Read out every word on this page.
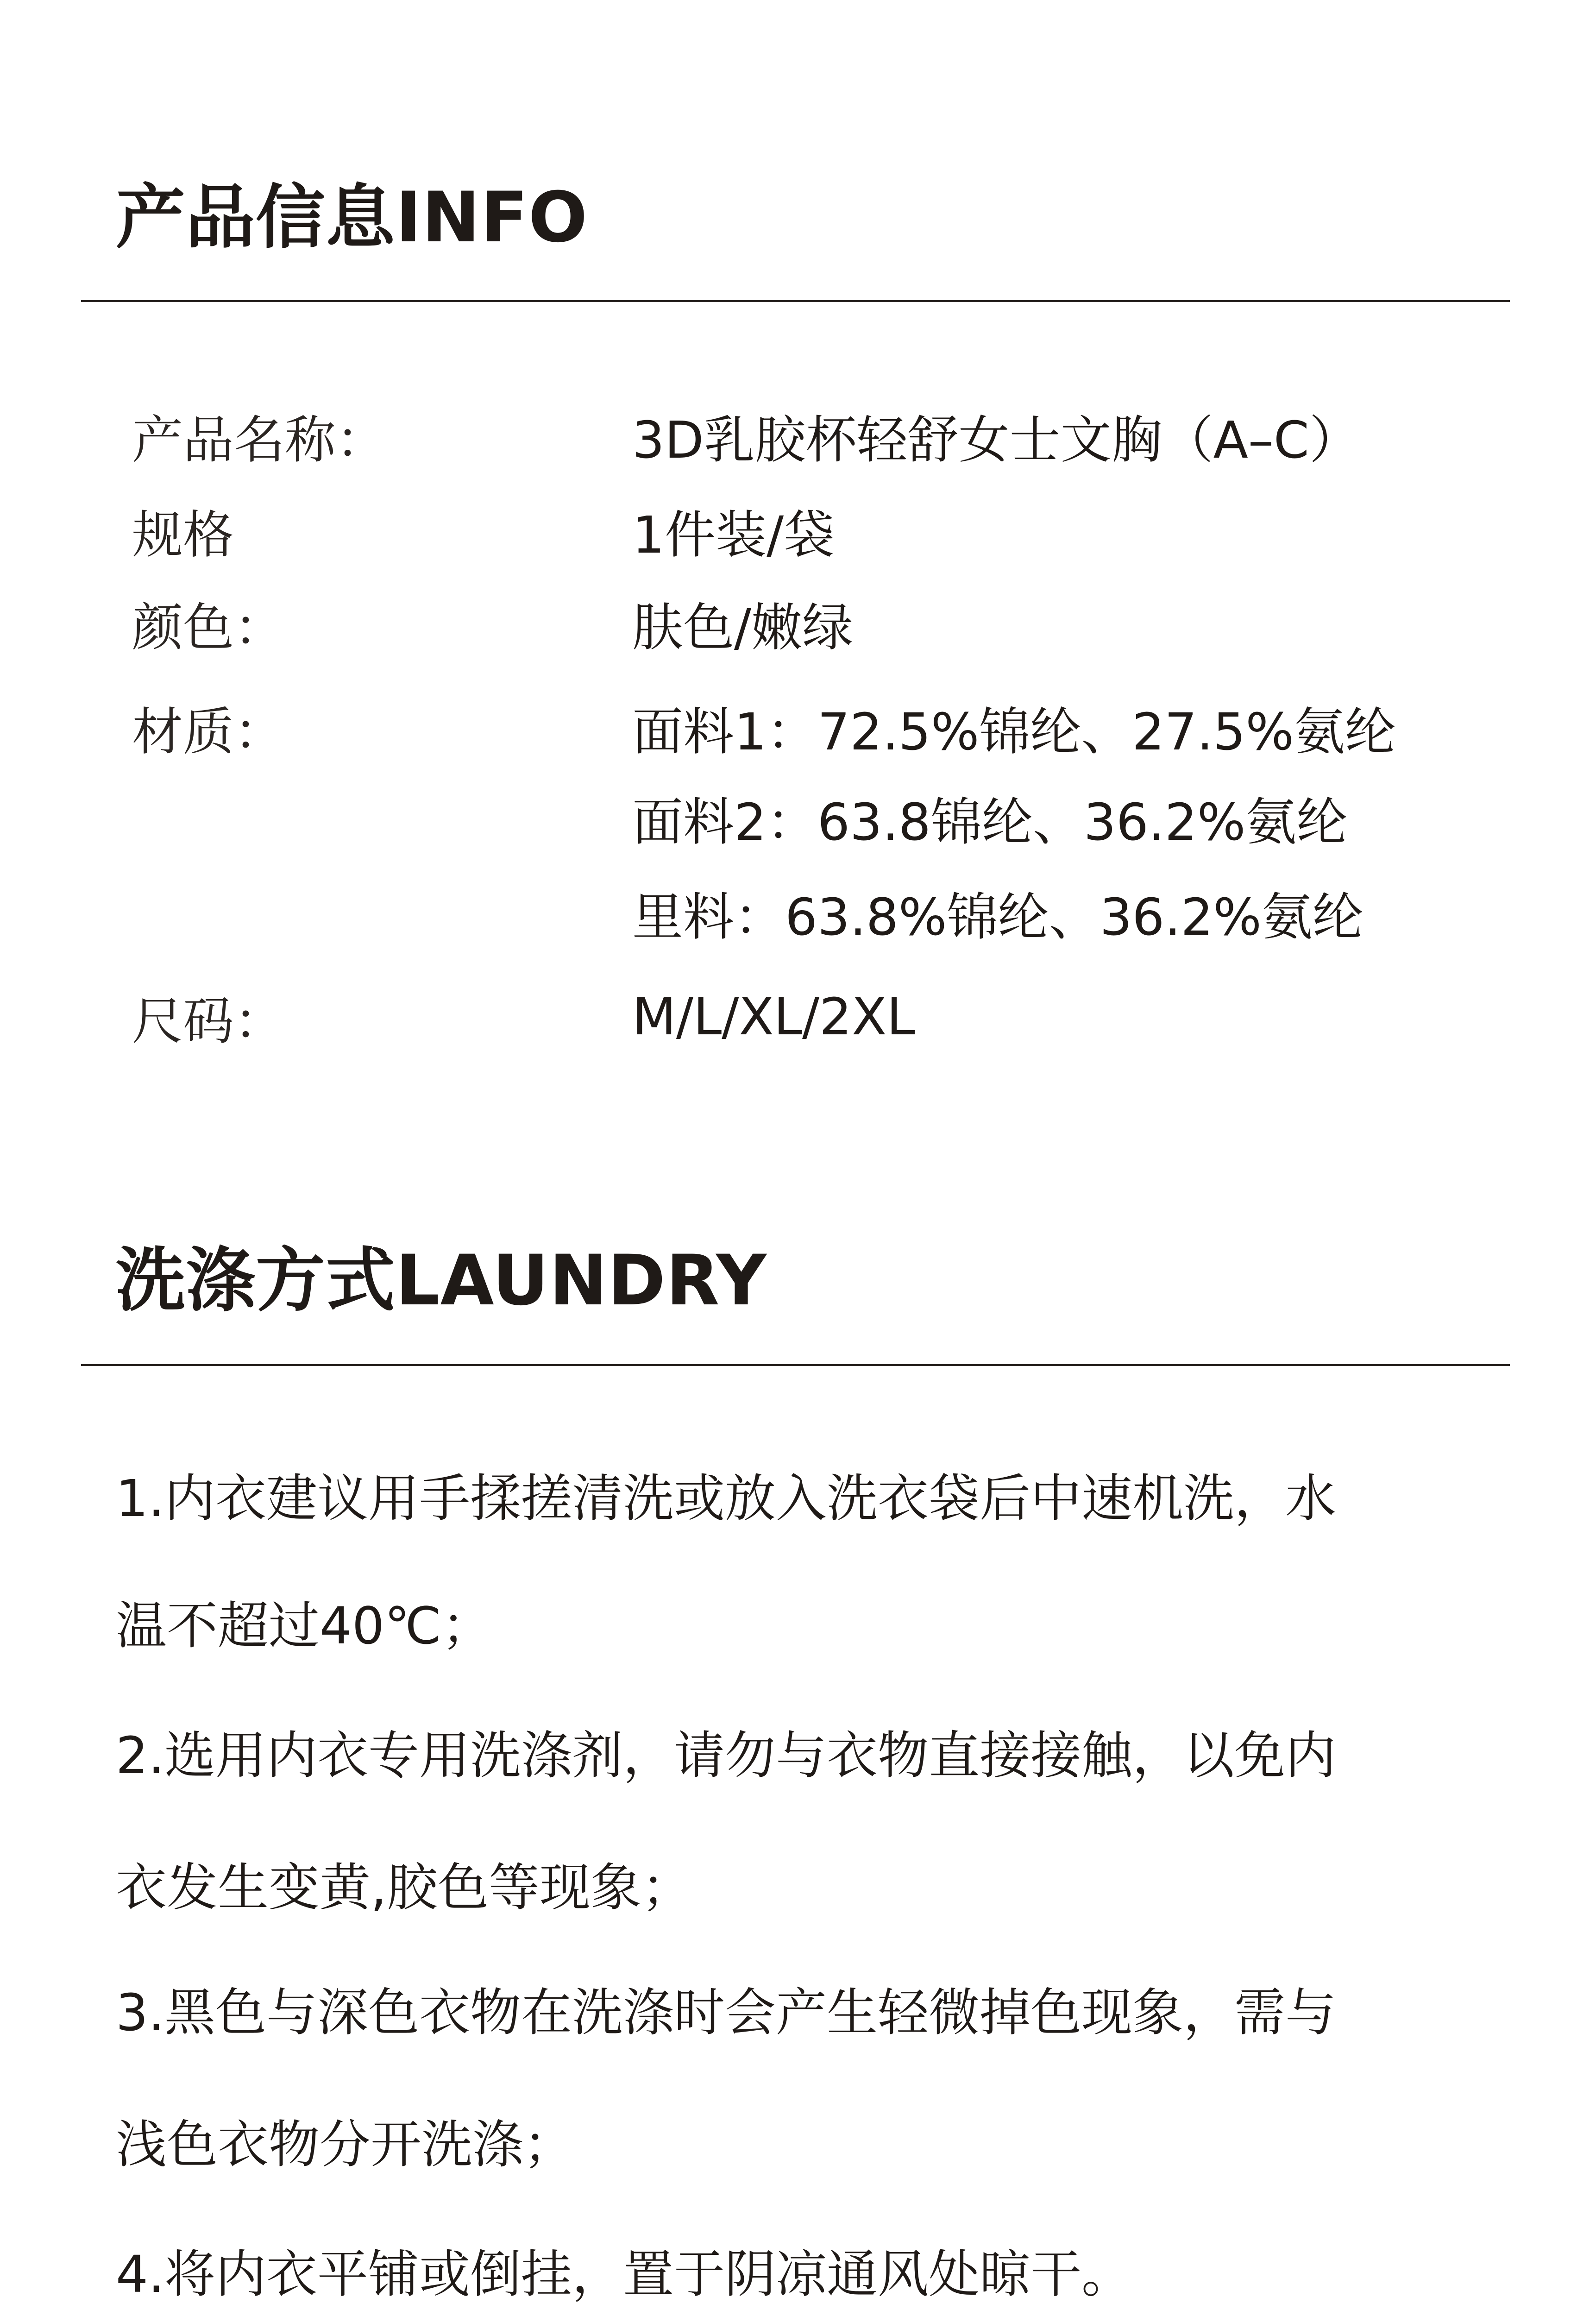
产品信息INFO
产品名称：	3D乳胶杯轻舒女士文胸（A–C）
规格	1件装/袋
颜色：	肤色/嫩绿
材质：	面料1：72.5%锦纶、27.5%氨纶
面料2：63.8锦纶、36.2%氨纶
里料：63.8%锦纶、36.2%氨纶
尺码：	M/L/XL/2XL
洗涤方式LAUNDRY
1.内衣建议用手揉搓清洗或放入洗衣袋后中速机洗，水
温不超过40℃；
2.选用内衣专用洗涤剂，请勿与衣物直接接触，以免内
衣发生变黄,胶色等现象；
3.黑色与深色衣物在洗涤时会产生轻微掉色现象，需与
浅色衣物分开洗涤；
4.将内衣平铺或倒挂，置于阴凉通风处晾干。
